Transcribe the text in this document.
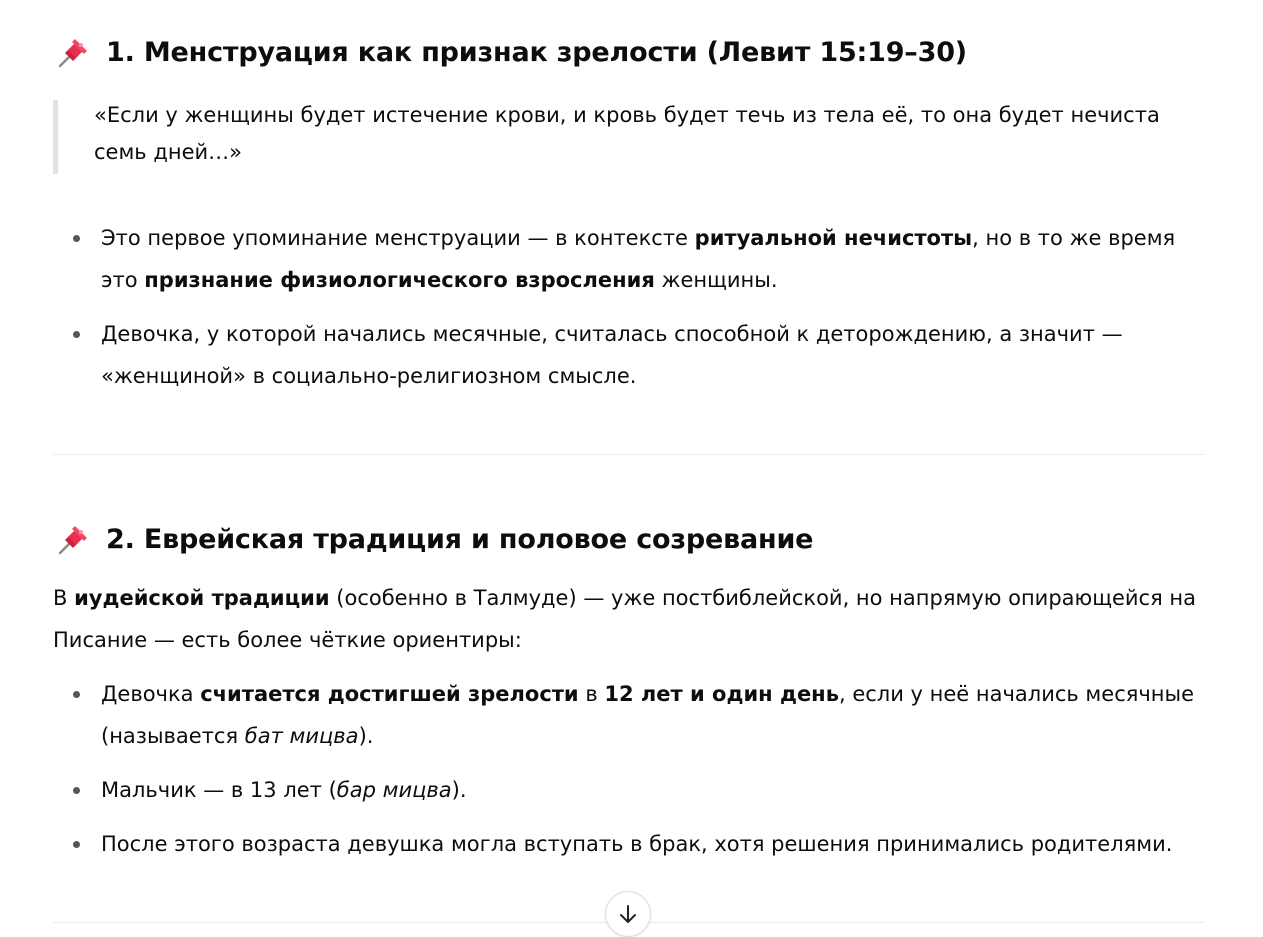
1. Менструация как признак зрелости (Левит 15:19–30)

«Если у женщины будет истечение крови, и кровь будет течь из тела её, то она будет нечиста семь дней…»

Это первое упоминание менструации — в контексте ритуальной нечистоты, но в то же время это признание физиологического взросления женщины.
Девочка, у которой начались месячные, считалась способной к деторождению, а значит — «женщиной» в социально-религиозном смысле.
2. Еврейская традиция и половое созревание

В иудейской традиции (особенно в Талмуде) — уже постбиблейской, но напрямую опирающейся на Писание — есть более чёткие ориентиры:

Девочка считается достигшей зрелости в 12 лет и один день, если у неё начались месячные (называется бат мицва).
Мальчик — в 13 лет (бар мицва).
После этого возраста девушка могла вступать в брак, хотя решения принимались родителями.
